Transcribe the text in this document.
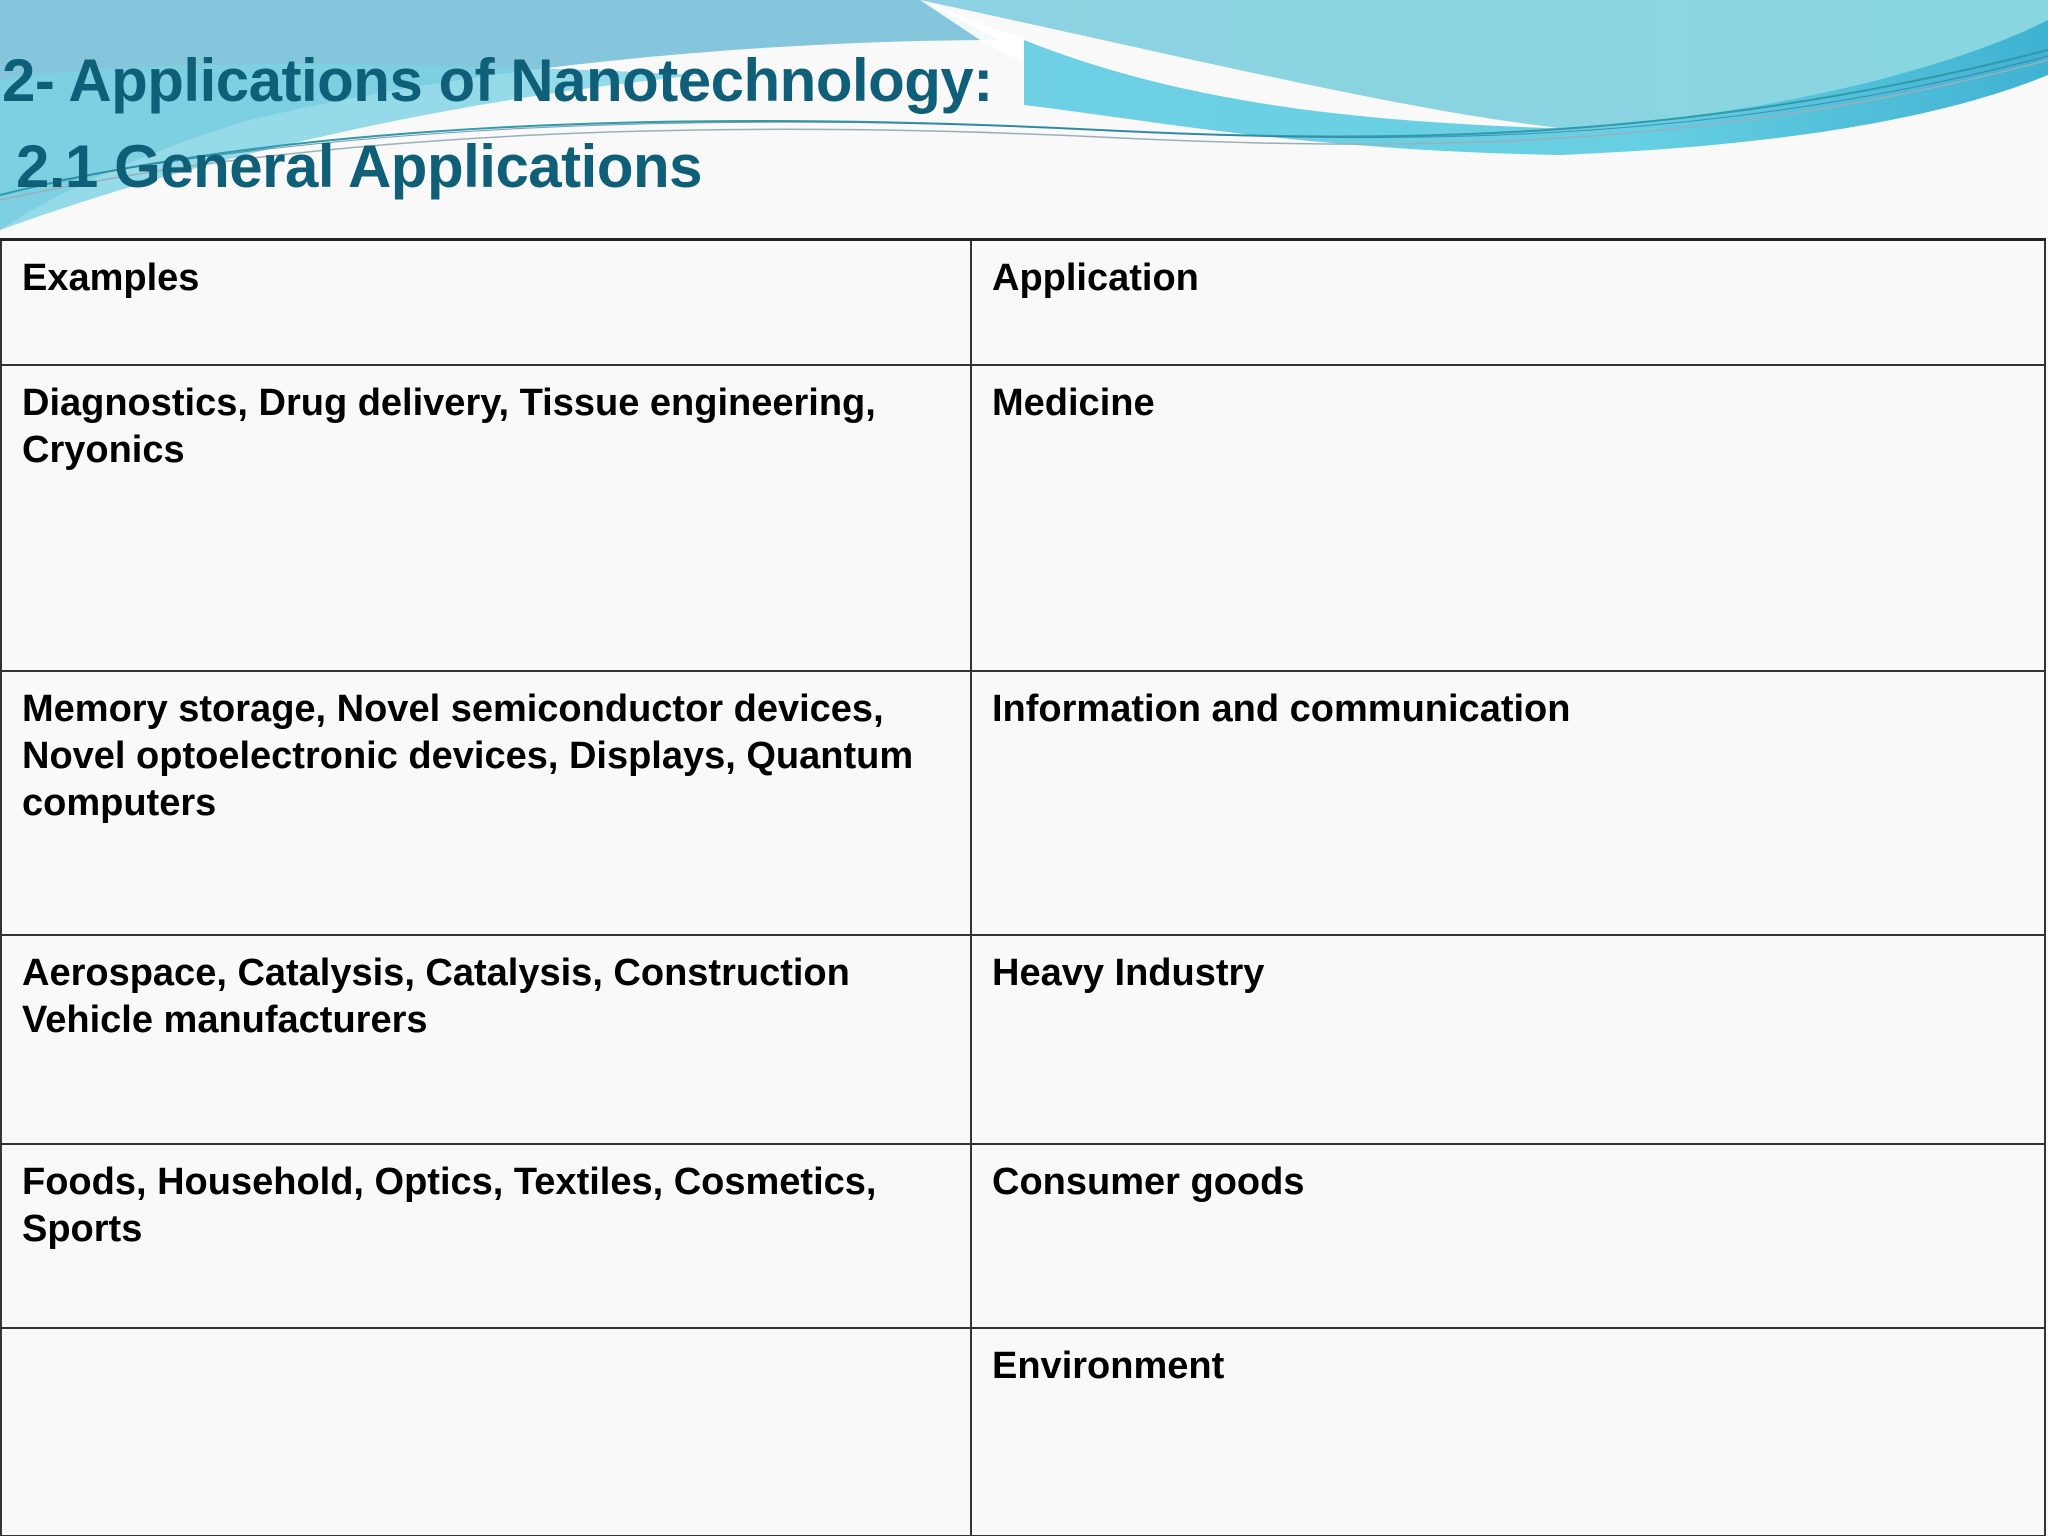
2- Applications of Nanotechnology:
2.1 General Applications
Examples	Application

Diagnostics, Drug delivery, Tissue engineering, Cryonics	Medicine

Memory storage, Novel semiconductor devices, Novel optoelectronic devices, Displays, Quantum computers	Information and communication

Aerospace, Catalysis, Catalysis, Construction Vehicle manufacturers	Heavy Industry

Foods, Household, Optics, Textiles, Cosmetics, Sports	Consumer goods

	Environment
